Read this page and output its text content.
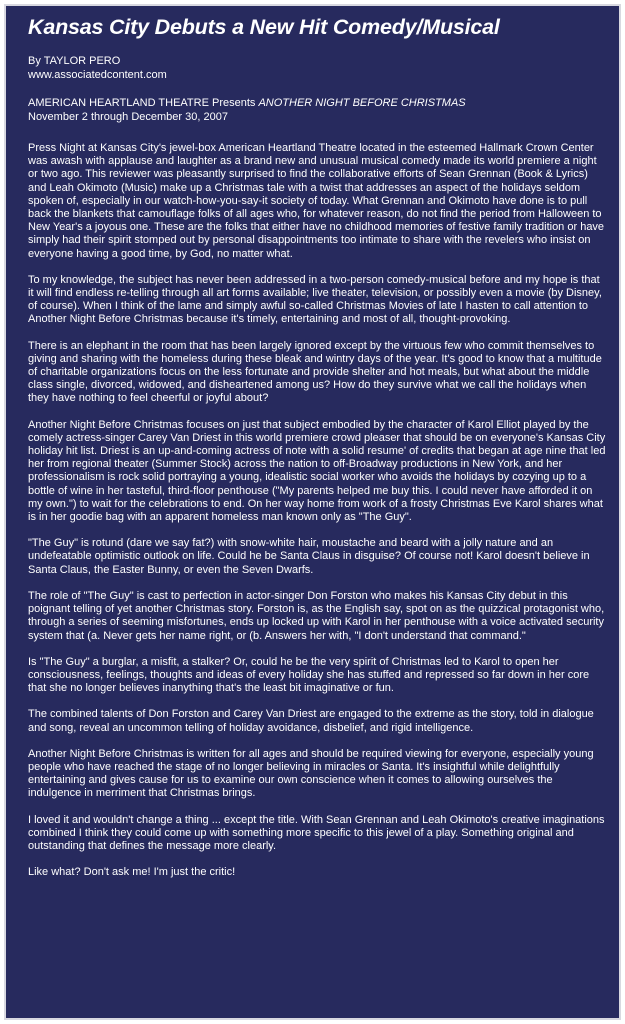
Kansas City Debuts a New Hit Comedy/Musical
By TAYLOR PERO
www.associatedcontent.com
AMERICAN HEARTLAND THEATRE Presents ANOTHER NIGHT BEFORE CHRISTMAS
November 2 through December 30, 2007

Press Night at Kansas City's jewel-box American Heartland Theatre located in the esteemed Hallmark Crown Center was awash with applause and laughter as a brand new and unusual musical comedy made its world premiere a night or two ago. This reviewer was pleasantly surprised to find the collaborative efforts of Sean Grennan (Book & Lyrics) and Leah Okimoto (Music) make up a Christmas tale with a twist that addresses an aspect of the holidays seldom spoken of, especially in our watch-how-you-say-it society of today. What Grennan and Okimoto have done is to pull back the blankets that camouflage folks of all ages who, for whatever reason, do not find the period from Halloween to New Year's a joyous one. These are the folks that either have no childhood memories of festive family tradition or have simply had their spirit stomped out by personal disappointments too intimate to share with the revelers who insist on everyone having a good time, by God, no matter what.

To my knowledge, the subject has never been addressed in a two-person comedy-musical before and my hope is that it will find endless re-telling through all art forms available; live theater, television, or possibly even a movie (by Disney, of course). When I think of the lame and simply awful so-called Christmas Movies of late I hasten to call attention to Another Night Before Christmas because it's timely, entertaining and most of all, thought-provoking.

There is an elephant in the room that has been largely ignored except by the virtuous few who commit themselves to giving and sharing with the homeless during these bleak and wintry days of the year. It's good to know that a multitude of charitable organizations focus on the less fortunate and provide shelter and hot meals, but what about the middle class single, divorced, widowed, and disheartened among us? How do they survive what we call the holidays when they have nothing to feel cheerful or joyful about?

Another Night Before Christmas focuses on just that subject embodied by the character of Karol Elliot played by the comely actress-singer Carey Van Driest in this world premiere crowd pleaser that should be on everyone's Kansas City holiday hit list. Driest is an up-and-coming actress of note with a solid resume' of credits that began at age nine that led her from regional theater (Summer Stock) across the nation to off-Broadway productions in New York, and her professionalism is rock solid portraying a young, idealistic social worker who avoids the holidays by cozying up to a bottle of wine in her tasteful, third-floor penthouse ("My parents helped me buy this. I could never have afforded it on my own.") to wait for the celebrations to end. On her way home from work of a frosty Christmas Eve Karol shares what is in her goodie bag with an apparent homeless man known only as "The Guy".

"The Guy" is rotund (dare we say fat?) with snow-white hair, moustache and beard with a jolly nature and an undefeatable optimistic outlook on life. Could he be Santa Claus in disguise? Of course not! Karol doesn't believe in Santa Claus, the Easter Bunny, or even the Seven Dwarfs.

The role of "The Guy" is cast to perfection in actor-singer Don Forston who makes his Kansas City debut in this poignant telling of yet another Christmas story. Forston is, as the English say, spot on as the quizzical protagonist who, through a series of seeming misfortunes, ends up locked up with Karol in her penthouse with a voice activated security system that (a. Never gets her name right, or (b. Answers her with, "I don't understand that command."

Is "The Guy" a burglar, a misfit, a stalker? Or, could he be the very spirit of Christmas led to Karol to open her consciousness, feelings, thoughts and ideas of every holiday she has stuffed and repressed so far down in her core that she no longer believes inanything that's the least bit imaginative or fun.

The combined talents of Don Forston and Carey Van Driest are engaged to the extreme as the story, told in dialogue and song, reveal an uncommon telling of holiday avoidance, disbelief, and rigid intelligence.

Another Night Before Christmas is written for all ages and should be required viewing for everyone, especially young people who have reached the stage of no longer believing in miracles or Santa. It's insightful while delightfully entertaining and gives cause for us to examine our own conscience when it comes to allowing ourselves the indulgence in merriment that Christmas brings.

I loved it and wouldn't change a thing ... except the title. With Sean Grennan and Leah Okimoto's creative imaginations combined I think they could come up with something more specific to this jewel of a play. Something original and outstanding that defines the message more clearly.

Like what? Don't ask me! I'm just the critic!
